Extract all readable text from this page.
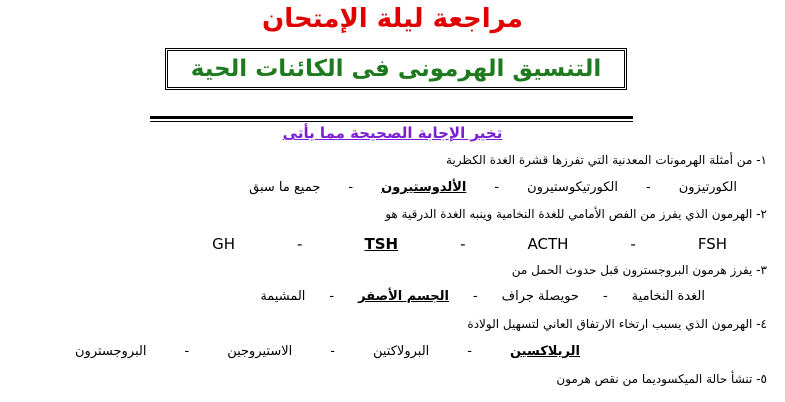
مراجعة ليلة الإمتحان
التنسيق الهرمونى فى الكائنات الحية
تخير الإجابة الصحيحة مما يأتى
١- من أمثلة الهرمونات المعدنية التي تفرزها قشرة الغدة الكظرية
الكورتيزون
-
الكورتيكوستيرون
-
الألدوستيرون
-
جميع ما سبق
٢- الهرمون الذي يفرز من الفص الأمامي للغدة النخامية وينبه الغدة الدرقية هو
FSH
-
ACTH
-
TSH
-
GH
٣- يفرز هرمون البروجسترون قبل حدوث الحمل من
الغدة النخامية
-
حويصلة جراف
-
الجسم الأصفر
-
المشيمة
٤- الهرمون الذي يسبب ارتخاء الارتفاق العاني لتسهيل الولادة
البروجسترون	-	الاستيروجين	-	البرولاكتين	-	الريلاكسين
٥- تنشأ حالة الميكسوديما من نقص هرمون
